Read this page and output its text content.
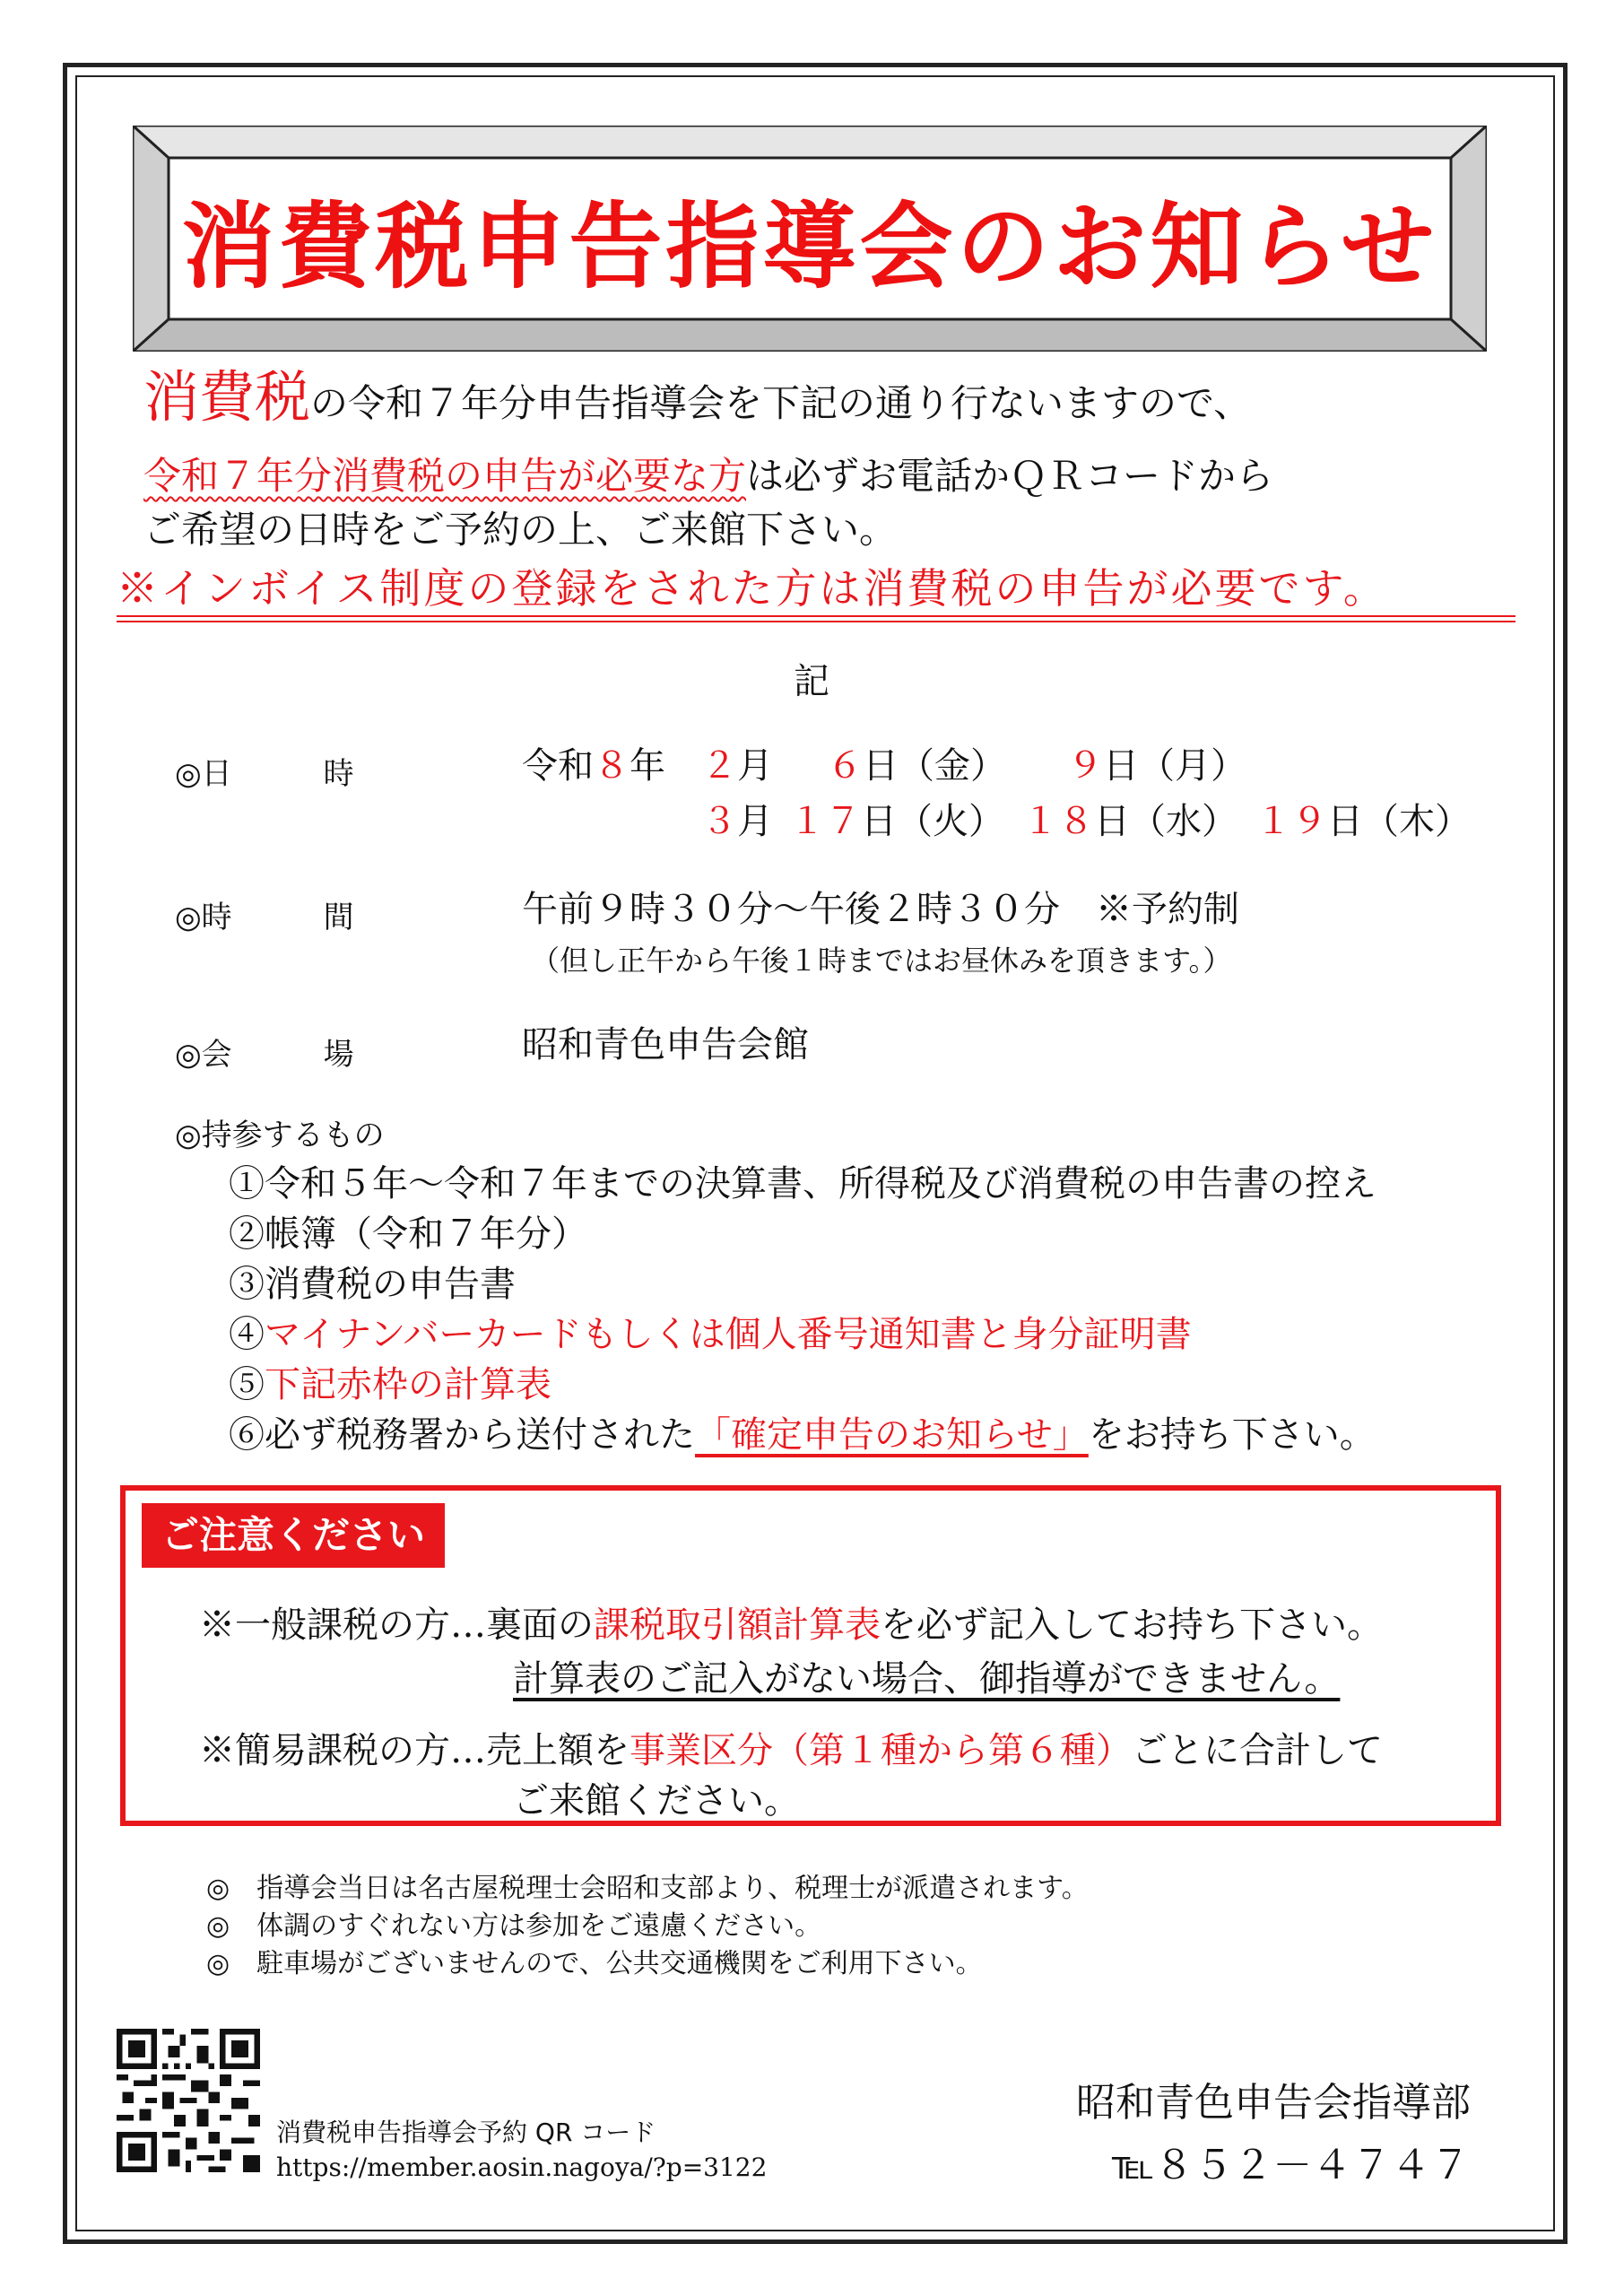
消費税申告指導会のお知らせ
消費税の令和７年分申告指導会を下記の通り行ないますので、
令和７年分消費税の申告が必要な方は必ずお電話かＱＲコードから
ご希望の日時をご予約の上、ご来館下さい。
※インボイス制度の登録をされた方は消費税の申告が必要です。
記
◎日　　　時	令和８年 ２月 ６日（金） ９日（月）
３月 １７日（火） １８日（水） １９日（木）
◎時　　　間	午前９時３０分～午後２時３０分　※予約制
（但し正午から午後１時まではお昼休みを頂きます。）
◎会　　　場	昭和青色申告会館
◎持参するもの
①令和５年～令和７年までの決算書、所得税及び消費税の申告書の控え
②帳簿（令和７年分）
③消費税の申告書
④マイナンバーカードもしくは個人番号通知書と身分証明書
⑤下記赤枠の計算表
⑥必ず税務署から送付された「確定申告のお知らせ」をお持ち下さい。
ご注意ください
※一般課税の方…裏面の課税取引額計算表を必ず記入してお持ち下さい。
計算表のご記入がない場合、御指導ができません。
※簡易課税の方…売上額を事業区分（第１種から第６種）ごとに合計して
ご来館ください。
◎　指導会当日は名古屋税理士会昭和支部より、税理士が派遣されます。
◎　体調のすぐれない方は参加をご遠慮ください。
◎　駐車場がございませんので、公共交通機関をご利用下さい。
消費税申告指導会予約 QR コード
https://member.aosin.nagoya/?p=3122
昭和青色申告会指導部
℡８５２－４７４７
